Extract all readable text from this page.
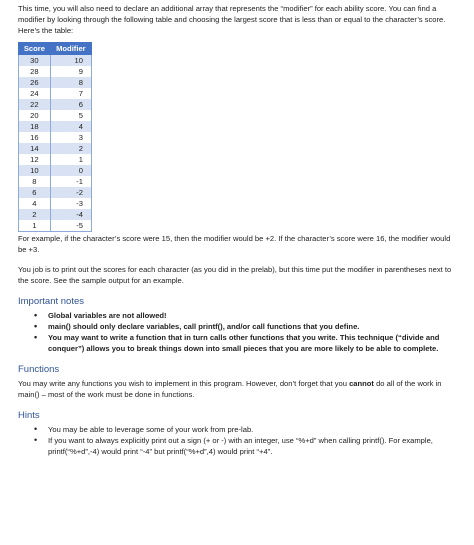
This time, you will also need to declare an additional array that represents the “modifier” for each ability score. You can find a modifier by looking through the following table and choosing the largest score that is less than or equal to the character’s score. Here’s the table:

Score	Modifier
30	10
28	9
26	8
24	7
22	6
20	5
18	4
16	3
14	2
12	1
10	0
8	-1
6	-2
4	-3
2	-4
1	-5

For example, if the character’s score were 15, then the modifier would be +2. If the character’s score were 16, the modifier would be +3.

You job is to print out the scores for each character (as you did in the prelab), but this time put the modifier in parentheses next to the score. See the sample output for an example.

Important notes
• Global variables are not allowed!
• main() should only declare variables, call printf(), and/or call functions that you define.
• You may want to write a function that in turn calls other functions that you write. This technique (“divide and conquer”) allows you to break things down into small pieces that you are more likely to be able to complete.
Functions

You may write any functions you wish to implement in this program. However, don’t forget that you cannot do all of the work in main() – most of the work must be done in functions.

Hints
• You may be able to leverage some of your work from pre-lab.
• If you want to always explicitly print out a sign (+ or -) with an integer, use “%+d” when calling printf(). For example, printf(“%+d”,-4) would print “-4” but printf(“%+d”,4) would print “+4”.
